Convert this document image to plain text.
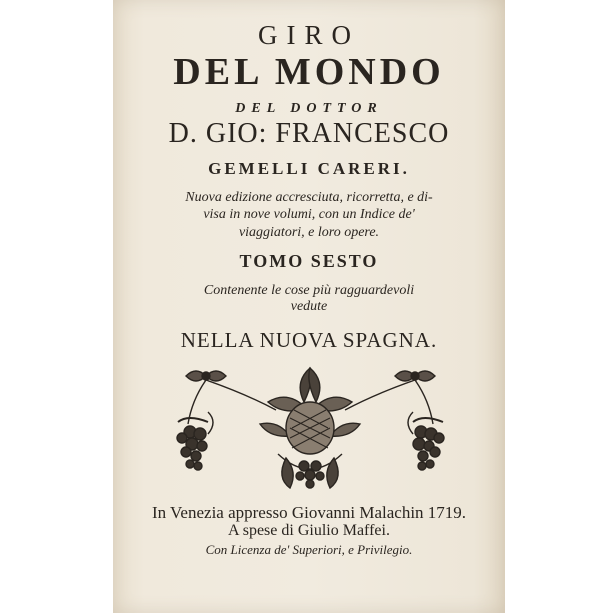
GIRO
DEL MONDO
DEL DOTTOR
D. GIO: FRANCESCO
GEMELLI CARERI.
Nuova edizione accresciuta, ricorretta, e di-
visa in nove volumi, con un Indice de'
viaggiatori, e loro opere.
TOMO SESTO
Contenente le cose più ragguardevoli
vedute
NELLA NUOVA SPAGNA.
In Venezia appresso Giovanni Malachin 1719.
A spese di Giulio Maffei.
Con Licenza de' Superiori, e Privilegio.
